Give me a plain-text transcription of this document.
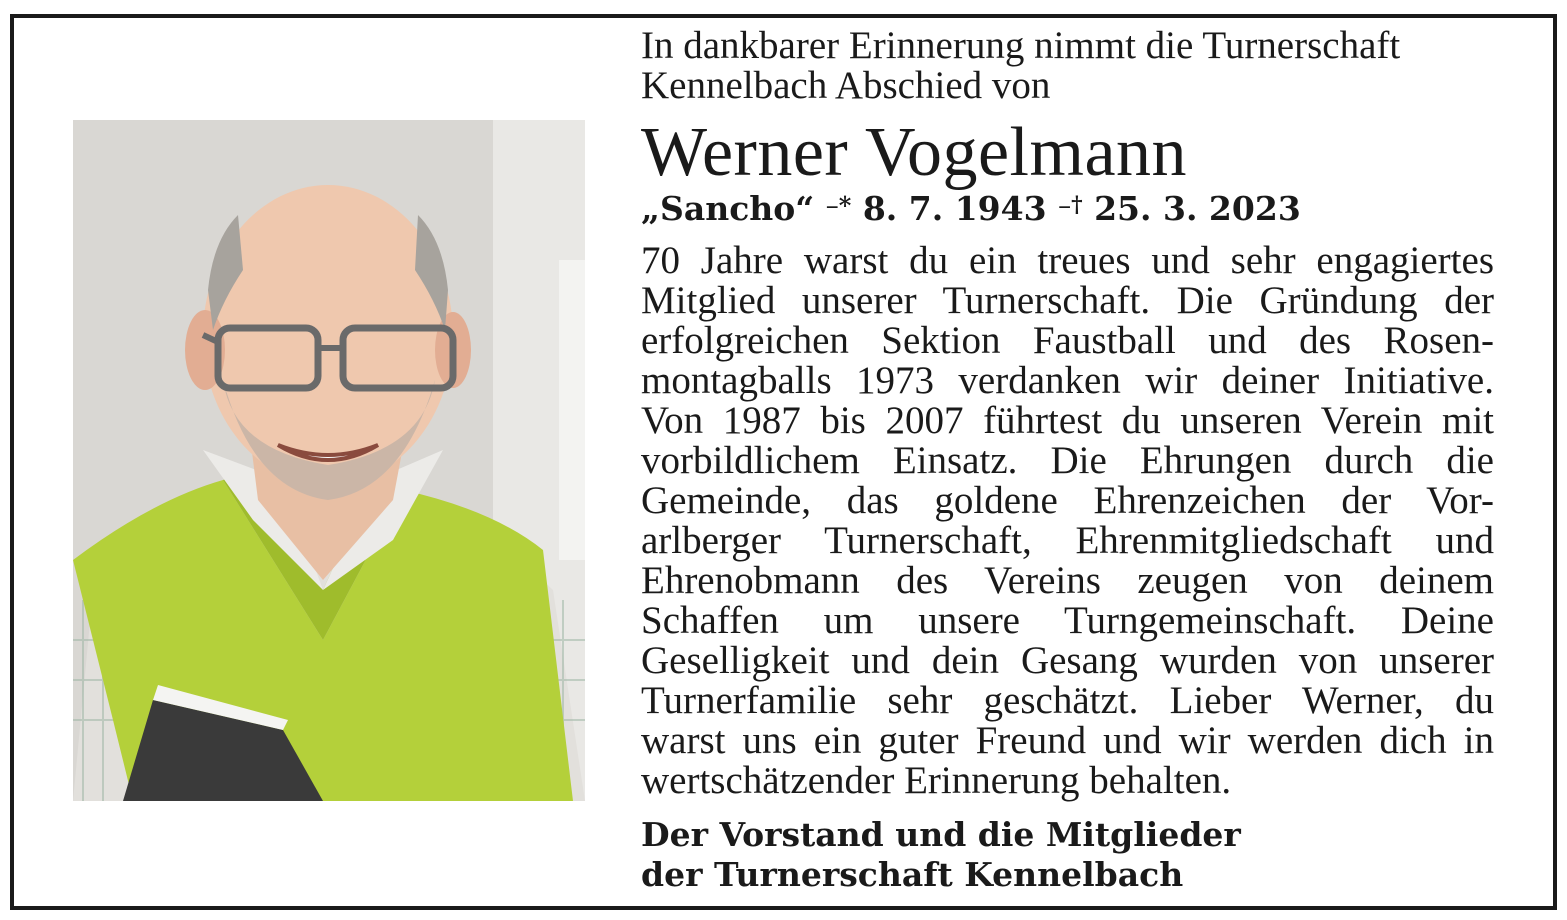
In dankbarer Erinnerung nimmt die Turnerschaft
Kennelbach Abschied von

Werner Vogelmann

„Sancho“ –* 8. 7. 1943 –† 25. 3. 2023

70 Jahre warst du ein treues und sehr engagiertes
Mitglied unserer Turnerschaft. Die Gründung der
erfolgreichen Sektion Faustball und des Rosen-
montagballs 1973 verdanken wir deiner Initiative.
Von 1987 bis 2007 führtest du unseren Verein mit
vorbildlichem Einsatz. Die Ehrungen durch die
Gemeinde, das goldene Ehrenzeichen der Vor-
arlberger Turnerschaft, Ehrenmitgliedschaft und
Ehrenobmann des Vereins zeugen von deinem
Schaffen um unsere Turngemeinschaft. Deine
Geselligkeit und dein Gesang wurden von unserer
Turnerfamilie sehr geschätzt. Lieber Werner, du
warst uns ein guter Freund und wir werden dich in
wertschätzender Erinnerung behalten.

Der Vorstand und die Mitglieder
der Turnerschaft Kennelbach
